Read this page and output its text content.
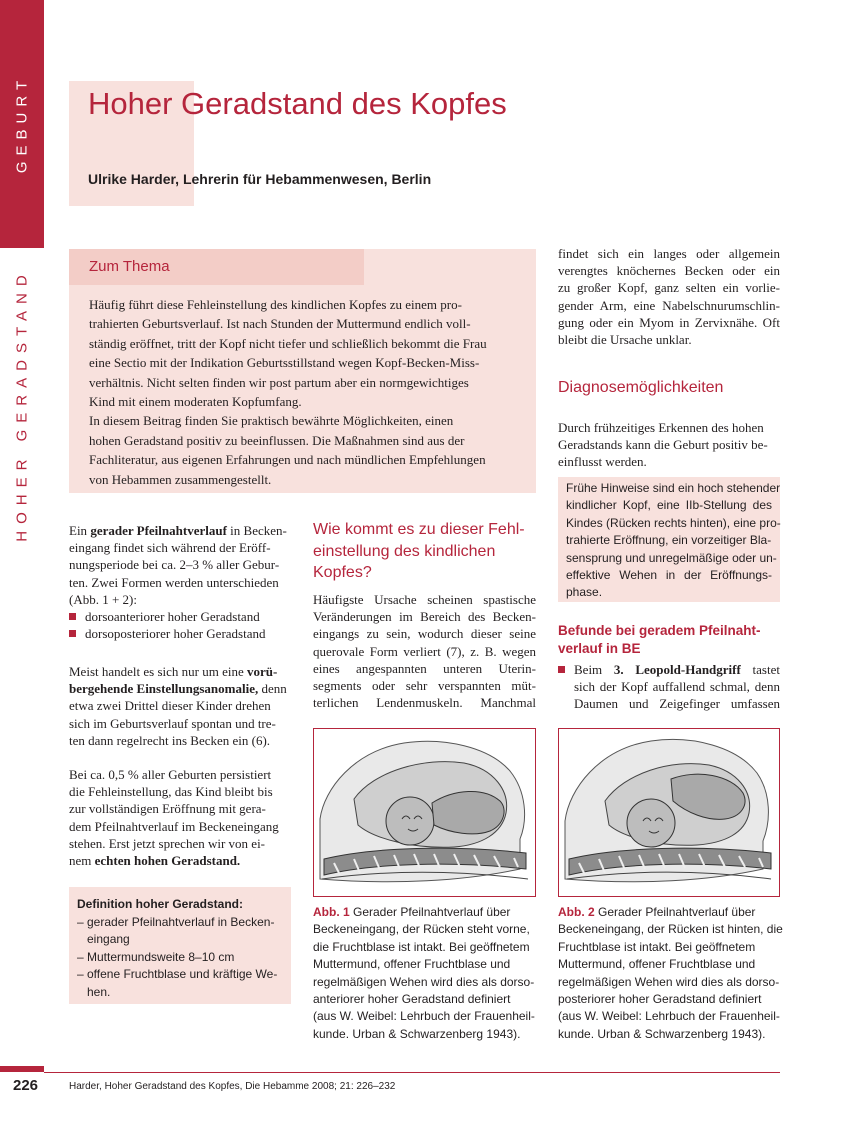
GEBURT
HOHER GERADSTAND
Hoher Geradstand des Kopfes
Ulrike Harder, Lehrerin für Hebammenwesen, Berlin
Zum Thema

Häufig führt diese Fehleinstellung des kindlichen Kopfes zu einem pro-

trahierten Geburtsverlauf. Ist nach Stunden der Muttermund endlich voll-

ständig eröffnet, tritt der Kopf nicht tiefer und schließlich bekommt die Frau

eine Sectio mit der Indikation Geburtsstillstand wegen Kopf-Becken-Miss-

verhältnis. Nicht selten finden wir post partum aber ein normgewichtiges

Kind mit einem moderaten Kopfumfang.

In diesem Beitrag finden Sie praktisch bewährte Möglichkeiten, einen

hohen Geradstand positiv zu beeinflussen. Die Maßnahmen sind aus der

Fachliteratur, aus eigenen Erfahrungen und nach mündlichen Empfehlungen

von Hebammen zusammengestellt.

Ein gerader Pfeilnahtverlauf in Becken-
eingang findet sich während der Eröff-
nungsperiode bei ca. 2–3 % aller Gebur-
ten. Zwei Formen werden unterschieden
(Abb. 1 + 2):
dorsoanteriorer hoher Geradstand
dorsoposteriorer hoher Geradstand
Meist handelt es sich nur um eine vorü-
bergehende Einstellungsanomalie, denn
etwa zwei Drittel dieser Kinder drehen
sich im Geburtsverlauf spontan und tre-
ten dann regelrecht ins Becken ein (6).
Bei ca. 0,5 % aller Geburten persistiert
die Fehleinstellung, das Kind bleibt bis
zur vollständigen Eröffnung mit gera-
dem Pfeilnahtverlauf im Beckeneingang
stehen. Erst jetzt sprechen wir von ei-
nem echten hohen Geradstand.
Definition hoher Geradstand:
– gerader Pfeilnahtverlauf in Becken-
eingang
– Muttermundsweite 8–10 cm
– offene Fruchtblase und kräftige We-
hen.
Wie kommt es zu dieser Fehl-
einstellung des kindlichen
Kopfes?
Häufigste Ursache scheinen spastische
Veränderungen im Bereich des Becken-
eingangs zu sein, wodurch dieser seine
querovale Form verliert (7), z. B. wegen
eines angespannten unteren Uterin-
segments oder sehr verspannten müt-
terlichen Lendenmuskeln. Manchmal
findet sich ein langes oder allgemein
verengtes knöchernes Becken oder ein
zu großer Kopf, ganz selten ein vorlie-
gender Arm, eine Nabelschnurumschlin-
gung oder ein Myom in Zervixnähe. Oft
bleibt die Ursache unklar.
Diagnosemöglichkeiten
Durch frühzeitiges Erkennen des hohen
Geradstands kann die Geburt positiv be-
einflusst werden.
Frühe Hinweise sind ein hoch stehender
kindlicher Kopf, eine IIb-Stellung des
Kindes (Rücken rechts hinten), eine pro-
trahierte Eröffnung, ein vorzeitiger Bla-
sensprung und unregelmäßige oder un-
effektive Wehen in der Eröffnungs-
phase.
Befunde bei geradem Pfeilnaht-
verlauf in BE
Beim 3. Leopold-Handgriff tastet
sich der Kopf auffallend schmal, denn
Daumen und Zeigefinger umfassen
Abb. 1 Gerader Pfeilnahtverlauf über
Beckeneingang, der Rücken steht vorne,
die Fruchtblase ist intakt. Bei geöffnetem
Muttermund, offener Fruchtblase und
regelmäßigen Wehen wird dies als dorso-
anteriorer hoher Geradstand definiert
(aus W. Weibel: Lehrbuch der Frauenheil-
kunde. Urban & Schwarzenberg 1943).
Abb. 2 Gerader Pfeilnahtverlauf über
Beckeneingang, der Rücken ist hinten, die
Fruchtblase ist intakt. Bei geöffnetem
Muttermund, offener Fruchtblase und
regelmäßigen Wehen wird dies als dorso-
posteriorer hoher Geradstand definiert
(aus W. Weibel: Lehrbuch der Frauenheil-
kunde. Urban & Schwarzenberg 1943).
226	Harder, Hoher Geradstand des Kopfes, Die Hebamme 2008; 21: 226–232
